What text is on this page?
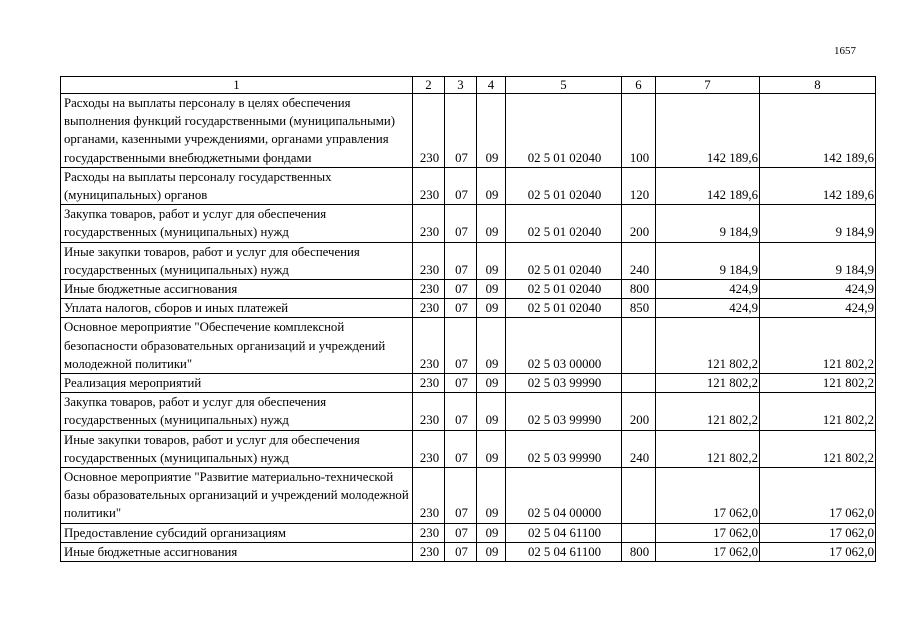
1657
1	2	3	4	5	6	7	8
Расходы на выплаты персоналу в целях обеспечения выполнения функций государственными (муниципальными) органами, казенными учреждениями, органами управления государственными внебюджетными фондами	230	07	09	02 5 01 02040	100	142 189,6	142 189,6
Расходы на выплаты персоналу государственных (муниципальных) органов	230	07	09	02 5 01 02040	120	142 189,6	142 189,6
Закупка товаров, работ и услуг для обеспечения государственных (муниципальных) нужд	230	07	09	02 5 01 02040	200	9 184,9	9 184,9
Иные закупки товаров, работ и услуг для обеспечения государственных (муниципальных) нужд	230	07	09	02 5 01 02040	240	9 184,9	9 184,9
Иные бюджетные ассигнования	230	07	09	02 5 01 02040	800	424,9	424,9
Уплата налогов, сборов и иных платежей	230	07	09	02 5 01 02040	850	424,9	424,9
Основное мероприятие "Обеспечение комплексной безопасности образовательных организаций и учреждений молодежной политики"	230	07	09	02 5 03 00000		121 802,2	121 802,2
Реализация мероприятий	230	07	09	02 5 03 99990		121 802,2	121 802,2
Закупка товаров, работ и услуг для обеспечения государственных (муниципальных) нужд	230	07	09	02 5 03 99990	200	121 802,2	121 802,2
Иные закупки товаров, работ и услуг для обеспечения государственных (муниципальных) нужд	230	07	09	02 5 03 99990	240	121 802,2	121 802,2
Основное мероприятие "Развитие материально-технической базы образовательных организаций и учреждений молодежной политики"	230	07	09	02 5 04 00000		17 062,0	17 062,0
Предоставление субсидий организациям	230	07	09	02 5 04 61100		17 062,0	17 062,0
Иные бюджетные ассигнования	230	07	09	02 5 04 61100	800	17 062,0	17 062,0
